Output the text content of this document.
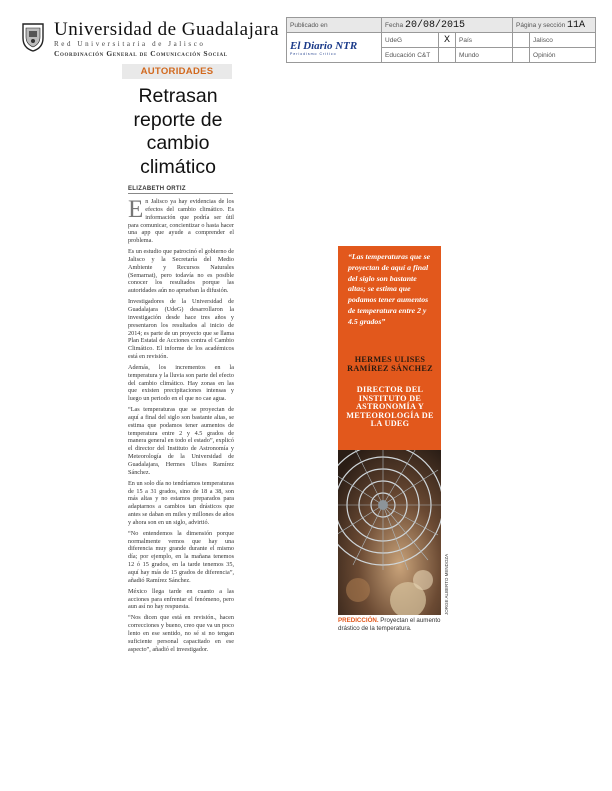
Universidad de Guadalajara
Red Universitaria de Jalisco
Coordinación General de Comunicación Social
Publicado en	Fecha 20/08/2015			Página y sección 11A	

El Diario NTR
Periodismo Crítico	UdeG	X	País		Jalisco
	Educación C&T		Mundo		Opinión
AUTORIDADES
Retrasan
reporte de
cambio
climático
ELIZABETH ORTIZ

En Jalisco ya hay evidencias de los efectos del cambio climático. Es información que podría ser útil para comunicar, concientizar o hasta hacer una app que ayude a comprender el problema.

Es un estudio que patrocinó el gobierno de Jalisco y la Secretaría del Medio Ambiente y Recursos Naturales (Semarnat), pero todavía no es posible conocer los resultados porque las autoridades aún no aprueban la difusión.

Investigadores de la Universidad de Guadalajara (UdeG) desarrollaron la investigación desde hace tres años y presentaron los resultados al inicio de 2014; es parte de un proyecto que se llama Plan Estatal de Acciones contra el Cambio Climático. El informe de los académicos está en revisión.

Además, los incrementos en la temperatura y la lluvia son parte del efecto del cambio climático. Hay zonas en las que existen precipitaciones intensas y luego un periodo en el que no cae agua.

“Las temperaturas que se proyectan de aquí a final del siglo son bastante altas, se estima que podamos tener aumentos de temperatura entre 2 y 4.5 grados de manera general en todo el estado”, explicó el director del Instituto de Astronomía y Meteorología de la Universidad de Guadalajara, Hermes Ulises Ramírez Sánchez.

En un solo día no tendríamos temperaturas de 15 a 31 grados, sino de 18 a 38, son más altas y no estamos preparados para adaptarnos a cambios tan drásticos que antes se daban en miles y millones de años y ahora son en un siglo, advirtió.

“No entendemos la dimensión porque normalmente vemos que hay una diferencia muy grande durante el mismo día; por ejemplo, en la mañana tenemos 12 ó 15 grados, en la tarde tenemos 35, aquí hay más de 15 grados de diferencia”, añadió Ramírez Sánchez.

México llega tarde en cuanto a las acciones para enfrentar el fenómeno, pero aun así no hay respuesta.

“Nos dicen que está en revisión., hacen correcciones y bueno, creo que va un poco lento en ese sentido, no sé si no tengan suficiente personal capacitado en ese aspecto”, añadió el investigador.

“Las temperaturas que se proyectan de aquí a final del siglo son bastante altas; se estima que podamos tener aumentos de temperatura entre 2 y 4.5 grados”
HERMES ULISES RAMÍREZ SÁNCHEZ
DIRECTOR DEL INSTITUTO DE ASTRONOMÍA Y METEOROLOGÍA DE LA UDEG
JORGE ALBERTO MENDOZA
PREDICCIÓN. Proyectan el aumento drástico de la temperatura.
